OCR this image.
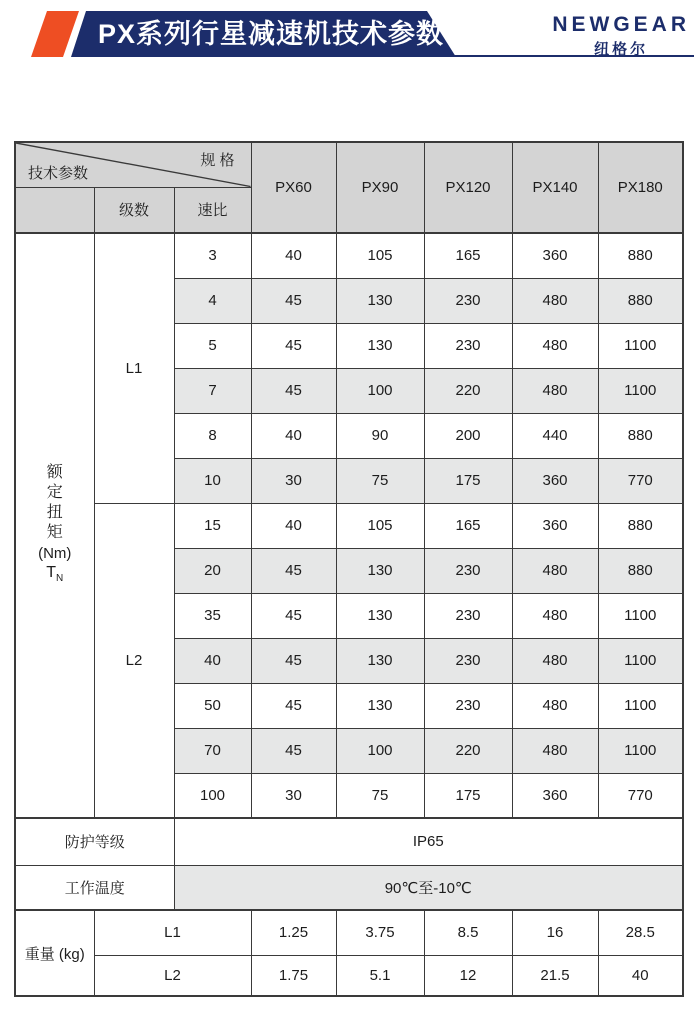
PX系列行星减速机技术参数	NEWGEAR
纽格尔
规 格
技术参数			PX60	PX90	PX120	PX140	PX180
	级数	速比					

额
定
扭
矩
(Nm)
$T_N$
	L1	3	40	105	165	360	880
		4	45	130	230	480	880
		5	45	130	230	480	1100
		7	45	100	220	480	1100
		8	40	90	200	440	880
		10	30	75	175	360	770
	L2	15	40	105	165	360	880
		20	45	130	230	480	880
		35	45	130	230	480	1100
		40	45	130	230	480	1100
		50	45	130	230	480	1100
		70	45	100	220	480	1100
		100	30	75	175	360	770
防护等级		IP65					
工作温度		90℃至-10℃					
重量 (kg)	L1		1.25	3.75	8.5	16	28.5
	L2		1.75	5.1	12	21.5	40
